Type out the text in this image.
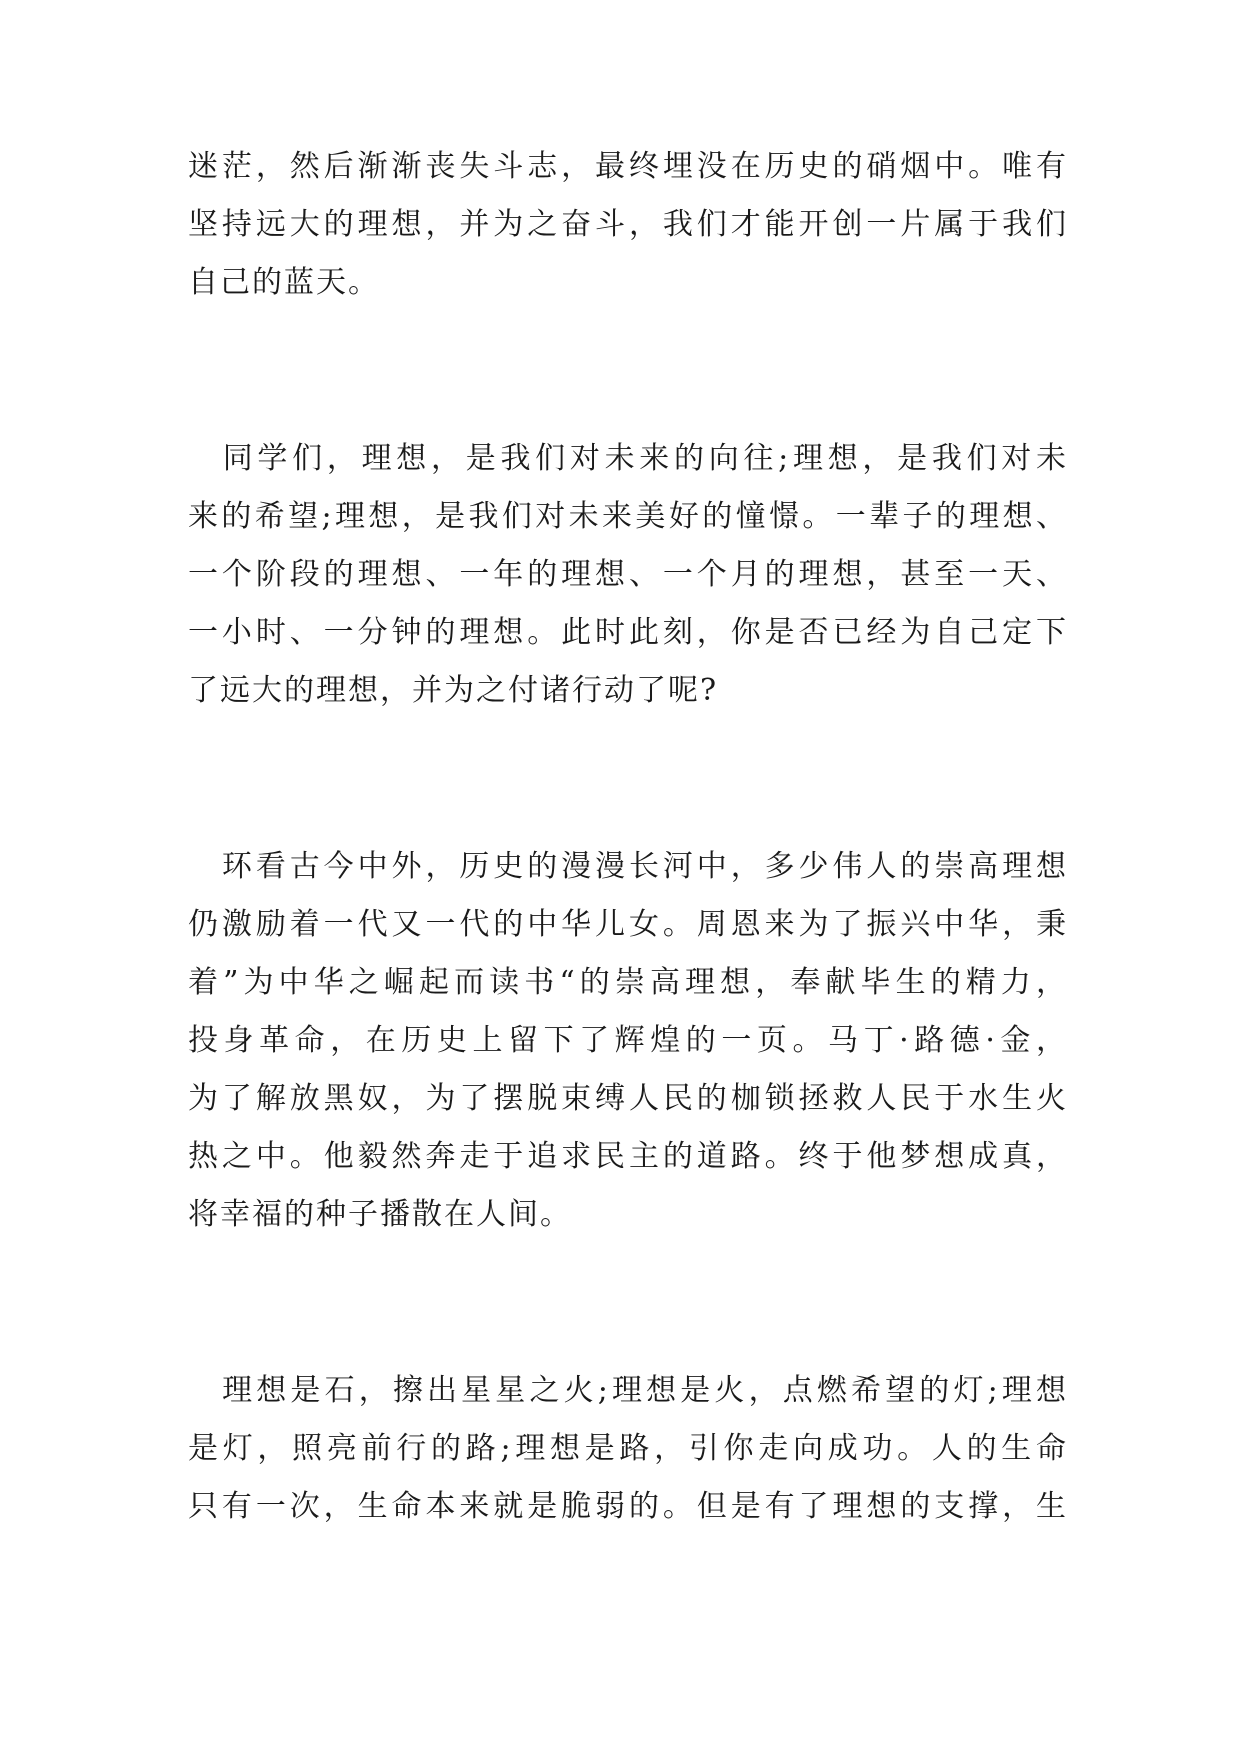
迷茫，然后渐渐丧失斗志，最终埋没在历史的硝烟中。唯有
坚持远大的理想，并为之奋斗，我们才能开创一片属于我们
自己的蓝天。
　同学们，理想，是我们对未来的向往;理想，是我们对未
来的希望;理想，是我们对未来美好的憧憬。一辈子的理想、
一个阶段的理想、一年的理想、一个月的理想，甚至一天、
一小时、一分钟的理想。此时此刻，你是否已经为自己定下
了远大的理想，并为之付诸行动了呢?
　环看古今中外，历史的漫漫长河中，多少伟人的崇高理想
仍激励着一代又一代的中华儿女。周恩来为了振兴中华，秉
着”为中华之崛起而读书“的崇高理想，奉献毕生的精力，
投身革命，在历史上留下了辉煌的一页。马丁·路德·金，
为了解放黑奴，为了摆脱束缚人民的枷锁拯救人民于水生火
热之中。他毅然奔走于追求民主的道路。终于他梦想成真，
将幸福的种子播散在人间。
　理想是石，擦出星星之火;理想是火，点燃希望的灯;理想
是灯，照亮前行的路;理想是路，引你走向成功。人的生命
只有一次，生命本来就是脆弱的。但是有了理想的支撑，生
